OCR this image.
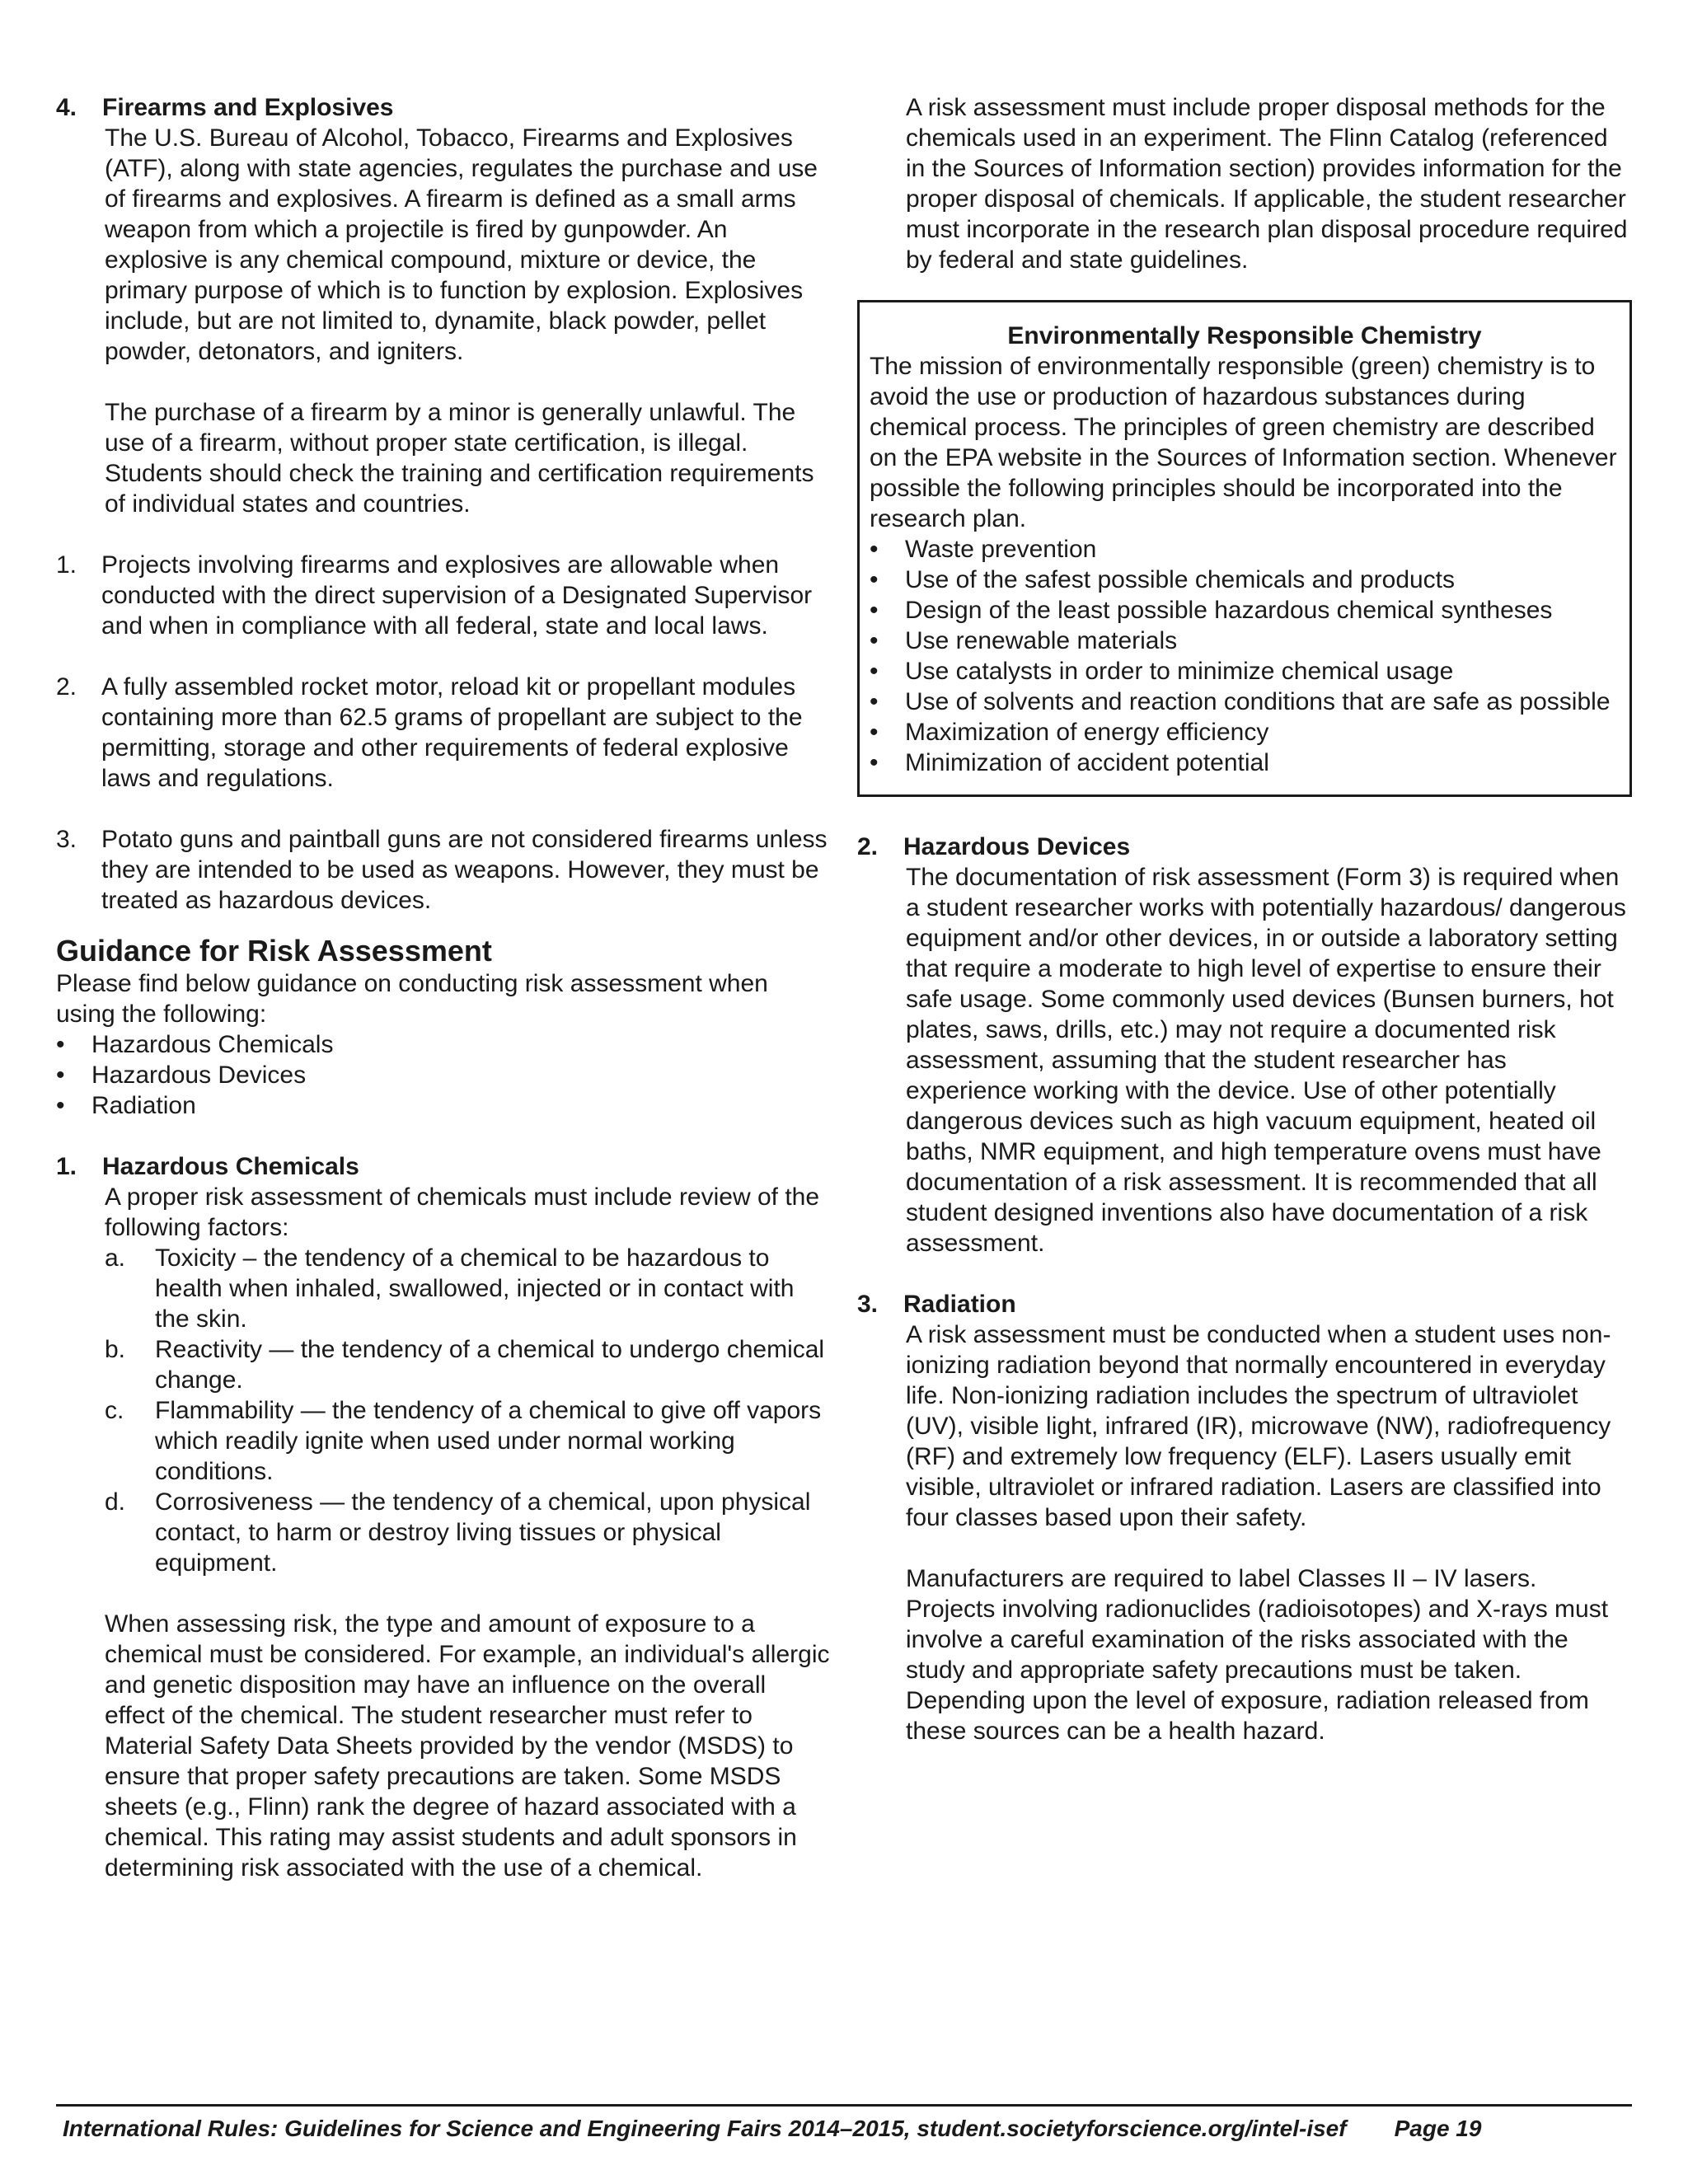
4. Firearms and Explosives
The U.S. Bureau of Alcohol, Tobacco, Firearms and Explosives (ATF), along with state agencies, regulates the purchase and use of firearms and explosives. A firearm is defined as a small arms weapon from which a projectile is fired by gunpowder. An explosive is any chemical compound, mixture or device, the primary purpose of which is to function by explosion. Explosives include, but are not limited to, dynamite, black powder, pellet powder, detonators, and igniters.
The purchase of a firearm by a minor is generally unlawful. The use of a firearm, without proper state certification, is illegal. Students should check the training and certification requirements of individual states and countries.
1. Projects involving firearms and explosives are allowable when conducted with the direct supervision of a Designated Supervisor and when in compliance with all federal, state and local laws.
2. A fully assembled rocket motor, reload kit or propellant modules containing more than 62.5 grams of propellant are subject to the permitting, storage and other requirements of federal explosive laws and regulations.
3. Potato guns and paintball guns are not considered firearms unless they are intended to be used as weapons. However, they must be treated as hazardous devices.
Guidance for Risk Assessment
Please find below guidance on conducting risk assessment when using the following:
• Hazardous Chemicals
• Hazardous Devices
• Radiation
1. Hazardous Chemicals
A proper risk assessment of chemicals must include review of the following factors:
a. Toxicity – the tendency of a chemical to be hazardous to health when inhaled, swallowed, injected or in contact with the skin.
b. Reactivity — the tendency of a chemical to undergo chemical change.
c. Flammability — the tendency of a chemical to give off vapors which readily ignite when used under normal working conditions.
d. Corrosiveness — the tendency of a chemical, upon physical contact, to harm or destroy living tissues or physical equipment.
When assessing risk, the type and amount of exposure to a chemical must be considered. For example, an individual's allergic and genetic disposition may have an influence on the overall effect of the chemical. The student researcher must refer to Material Safety Data Sheets provided by the vendor (MSDS) to ensure that proper safety precautions are taken. Some MSDS sheets (e.g., Flinn) rank the degree of hazard associated with a chemical. This rating may assist students and adult sponsors in determining risk associated with the use of a chemical.
A risk assessment must include proper disposal methods for the chemicals used in an experiment. The Flinn Catalog (referenced in the Sources of Information section) provides information for the proper disposal of chemicals. If applicable, the student researcher must incorporate in the research plan disposal procedure required by federal and state guidelines.
Environmentally Responsible Chemistry
The mission of environmentally responsible (green) chemistry is to avoid the use or production of hazardous substances during chemical process. The principles of green chemistry are described on the EPA website in the Sources of Information section. Whenever possible the following principles should be incorporated into the research plan.
• Waste prevention
• Use of the safest possible chemicals and products
• Design of the least possible hazardous chemical syntheses
• Use renewable materials
• Use catalysts in order to minimize chemical usage
• Use of solvents and reaction conditions that are safe as possible
• Maximization of energy efficiency
• Minimization of accident potential
2. Hazardous Devices
The documentation of risk assessment (Form 3) is required when a student researcher works with potentially hazardous/ dangerous equipment and/or other devices, in or outside a laboratory setting that require a moderate to high level of expertise to ensure their safe usage. Some commonly used devices (Bunsen burners, hot plates, saws, drills, etc.) may not require a documented risk assessment, assuming that the student researcher has experience working with the device. Use of other potentially dangerous devices such as high vacuum equipment, heated oil baths, NMR equipment, and high temperature ovens must have documentation of a risk assessment. It is recommended that all student designed inventions also have documentation of a risk assessment.
3. Radiation
A risk assessment must be conducted when a student uses non-ionizing radiation beyond that normally encountered in everyday life. Non-ionizing radiation includes the spectrum of ultraviolet (UV), visible light, infrared (IR), microwave (NW), radiofrequency (RF) and extremely low frequency (ELF). Lasers usually emit visible, ultraviolet or infrared radiation. Lasers are classified into four classes based upon their safety.
Manufacturers are required to label Classes II – IV lasers. Projects involving radionuclides (radioisotopes) and X-rays must involve a careful examination of the risks associated with the study and appropriate safety precautions must be taken. Depending upon the level of exposure, radiation released from these sources can be a health hazard.
International Rules: Guidelines for Science and Engineering Fairs 2014–2015, student.societyforscience.org/intel-isef Page 19
